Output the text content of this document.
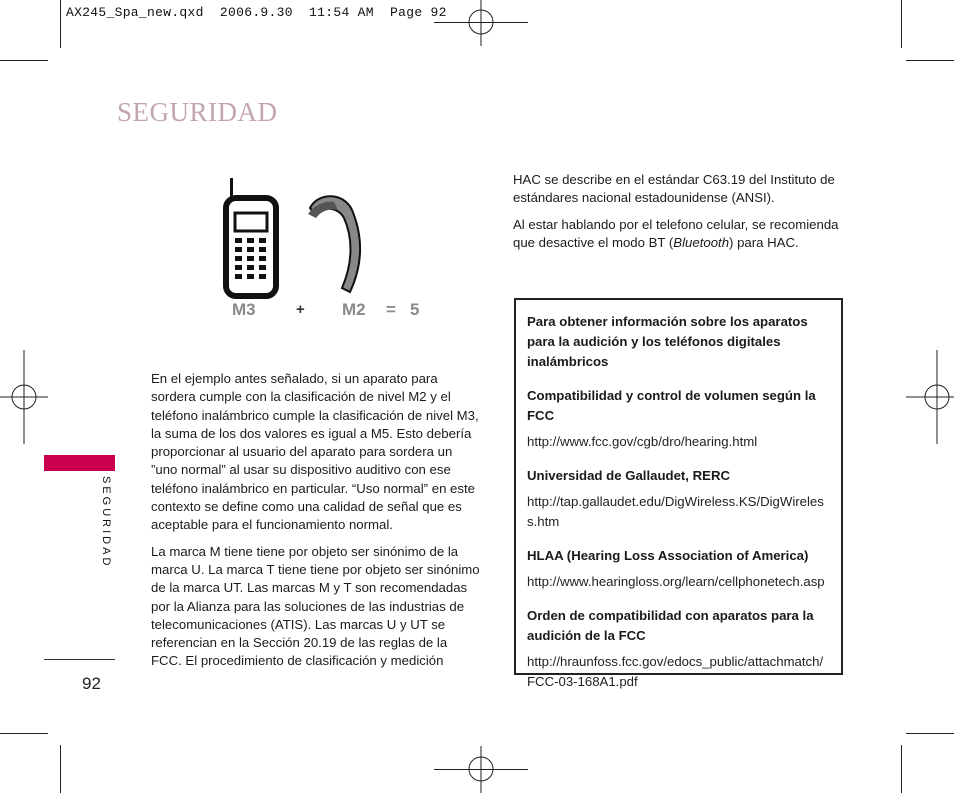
AX245_Spa_new.qxd  2006.9.30  11:54 AM  Page 92
SEGURIDAD
SEGURIDAD
92
M3	+ M2 = 5

En el ejemplo antes señalado, si un aparato para sordera cumple con la clasificación de nivel M2 y el teléfono inalámbrico cumple la clasificación de nivel M3, la suma de los dos valores es igual a M5. Esto debería proporcionar al usuario del aparato para sordera un ”uno normal” al usar su dispositivo auditivo con ese teléfono inalámbrico en particular. “Uso normal” en este contexto se define como una calidad de señal que es aceptable para el funcionamiento normal.

La marca M tiene tiene por objeto ser sinónimo de la marca U. La marca T tiene tiene por objeto ser sinónimo de la marca UT. Las marcas M y T son recomendadas por la Alianza para las soluciones de las industrias de telecomunicaciones (ATIS). Las marcas U y UT se referencian en la Sección 20.19 de las reglas de la FCC. El procedimiento de clasificación y medición

HAC se describe en el estándar C63.19 del Instituto de estándares nacional estadounidense (ANSI).

Al estar hablando por el telefono celular, se recomienda que desactive el modo BT (Bluetooth) para HAC.

Para obtener información sobre los aparatos para la audición y los teléfonos digitales inalámbricos
Compatibilidad y control de volumen según la FCC
http://www.fcc.gov/cgb/dro/hearing.html
Universidad de Gallaudet, RERC
http://tap.gallaudet.edu/DigWireless.KS/DigWireless.htm
HLAA (Hearing Loss Association of America)
http://www.hearingloss.org/learn/cellphonetech.asp
Orden de compatibilidad con aparatos para la audición de la FCC
http://hraunfoss.fcc.gov/edocs_public/attachmatch/FCC-03-168A1.pdf
